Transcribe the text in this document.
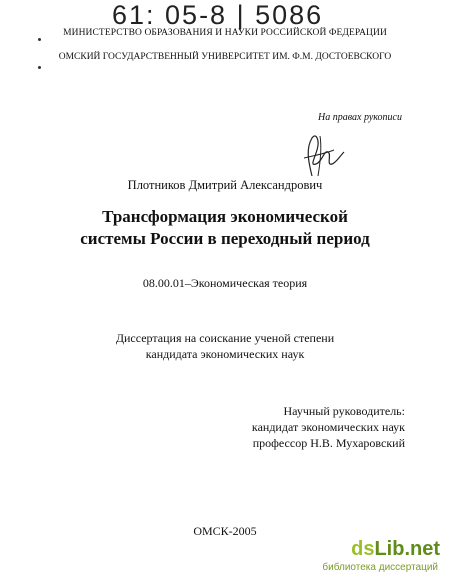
61: 05-8 | 5086
МИНИСТЕРСТВО ОБРАЗОВАНИЯ И НАУКИ РОССИЙСКОЙ ФЕДЕРАЦИИ
ОМСКИЙ ГОСУДАРСТВЕННЫЙ УНИВЕРСИТЕТ ИМ. Ф.М. ДОСТОЕВСКОГО
На правах рукописи
Плотников Дмитрий Александрович
Трансформация экономической
системы России в переходный период
08.00.01–Экономическая теория
Диссертация на соискание ученой степени
кандидата экономических наук
Научный руководитель:
кандидат экономических наук
профессор Н.В. Мухаровский
ОМСК-2005
dsLib.net
библиотека диссертаций
